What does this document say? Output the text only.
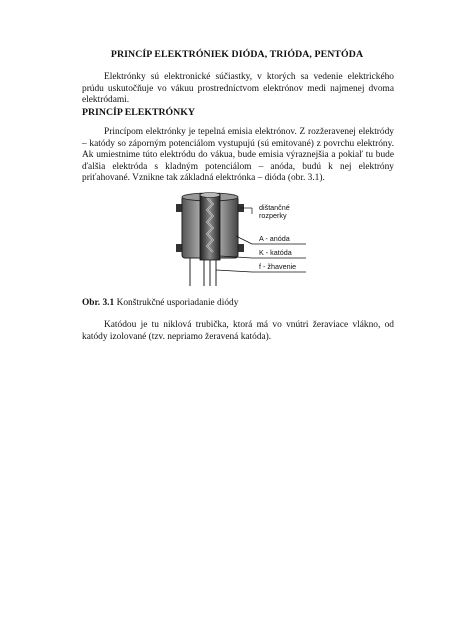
PRINCÍP ELEKTRÓNIEK DIÓDA, TRIÓDA, PENTÓDA
Elektrónky sú elektronické súčiastky, v ktorých sa vedenie elektrického prúdu uskutočňuje vo vákuu prostredníctvom elektrónov medi najmenej dvoma elektródami.
PRINCÍP ELEKTRÓNKY
Princípom elektrónky je tepelná emisia elektrónov. Z rozžeravenej elektródy – katódy so záporným potenciálom vystupujú (sú emitované) z povrchu elektróny. Ak umiestnime túto elektródu do vákua, bude emisia výraznejšia a pokiaľ tu bude ďalšia elektróda s kladným potenciálom – anóda, budú k nej elektróny priťahované. Vznikne tak základná elektrónka – dióda (obr. 3.1).
dištančné
rozperky
A - anóda
K - katóda
f - žhavenie
Obr. 3.1 Konštrukčné usporiadanie diódy
Katódou je tu niklová trubička, ktorá má vo vnútri žeraviace vlákno, od katódy izolované (tzv. nepriamo žeravená katóda).
